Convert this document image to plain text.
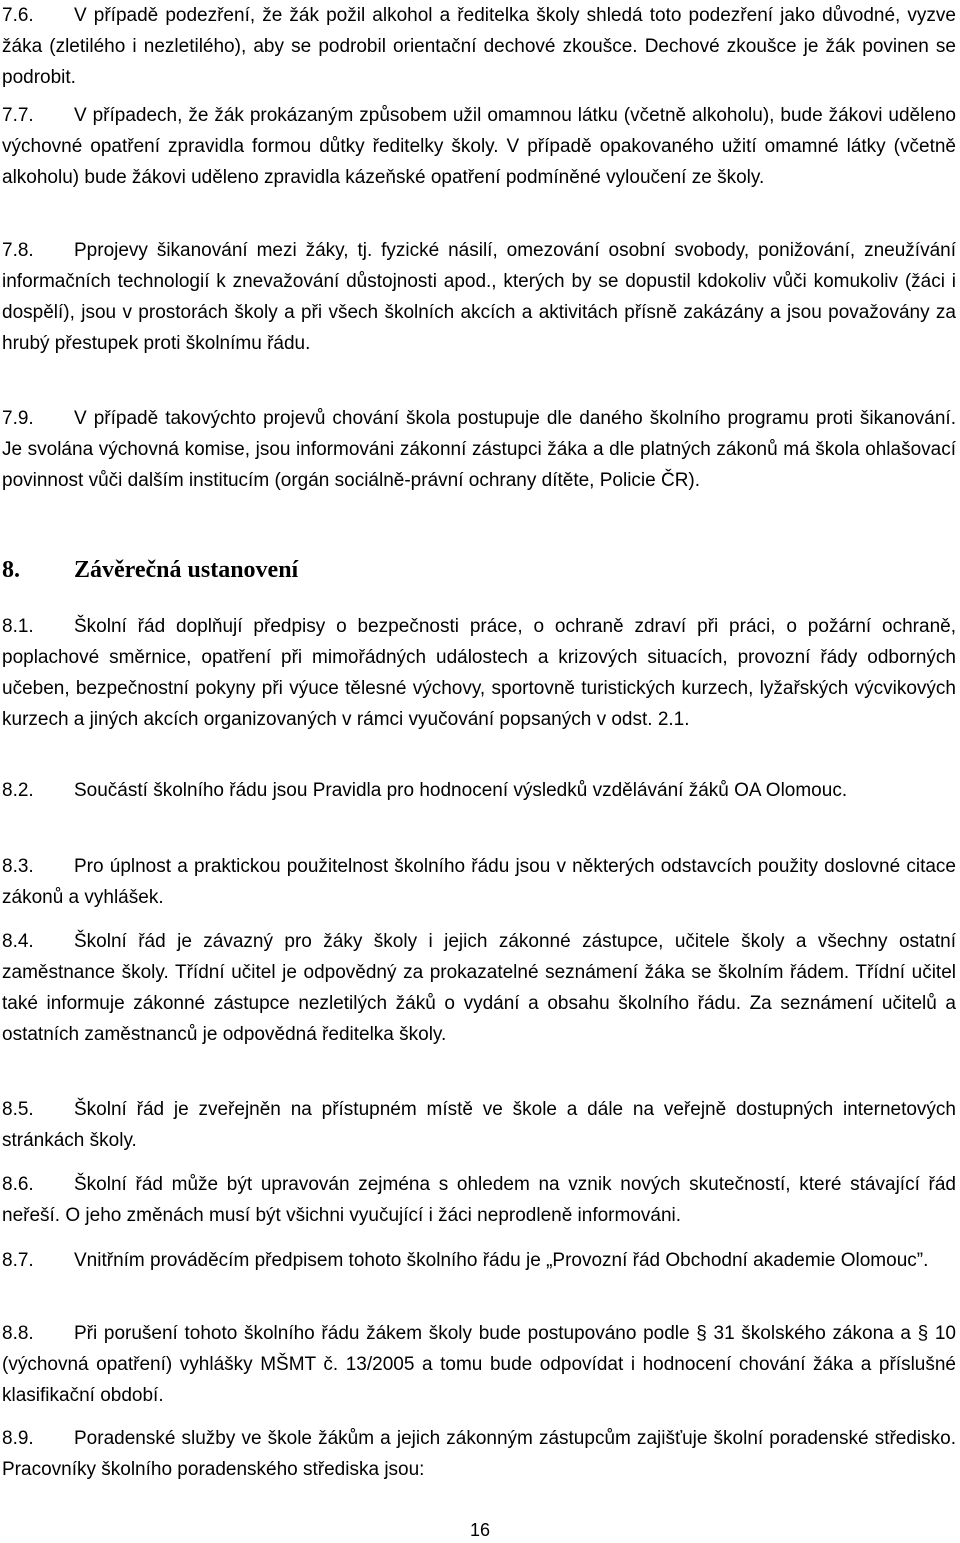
7.6. V případě podezření, že žák požil alkohol a ředitelka školy shledá toto podezření jako důvodné, vyzve žáka (zletilého i nezletilého), aby se podrobil orientační dechové zkoušce. Dechové zkoušce je žák povinen se podrobit.
7.7. V případech, že žák prokázaným způsobem užil omamnou látku (včetně alkoholu), bude žákovi uděleno výchovné opatření zpravidla formou důtky ředitelky školy. V případě opakovaného užití omamné látky (včetně alkoholu) bude žákovi uděleno zpravidla kázeňské opatření podmíněné vyloučení ze školy.
7.8. Pprojevy šikanování mezi žáky, tj. fyzické násilí, omezování osobní svobody, ponižování, zneužívání informačních technologií k znevažování důstojnosti apod., kterých by se dopustil kdokoliv vůči komukoliv (žáci i dospělí), jsou v prostorách školy a při všech školních akcích a aktivitách přísně zakázány a jsou považovány za hrubý přestupek proti školnímu řádu.
7.9. V případě takovýchto projevů chování škola postupuje dle daného školního programu proti šikanování. Je svolána výchovná komise, jsou informováni zákonní zástupci žáka a dle platných zákonů má škola ohlašovací povinnost vůči dalším institucím (orgán sociálně-právní ochrany dítěte, Policie ČR).
8. Závěrečná ustanovení
8.1. Školní řád doplňují předpisy o bezpečnosti práce, o ochraně zdraví při práci, o požární ochraně, poplachové směrnice, opatření při mimořádných událostech a krizových situacích, provozní řády odborných učeben, bezpečnostní pokyny při výuce tělesné výchovy, sportovně turistických kurzech, lyžařských výcvikových kurzech a jiných akcích organizovaných v rámci vyučování popsaných v odst. 2.1.
8.2. Součástí školního řádu jsou Pravidla pro hodnocení výsledků vzdělávání žáků OA Olomouc.
8.3. Pro úplnost a praktickou použitelnost školního řádu jsou v některých odstavcích použity doslovné citace zákonů a vyhlášek.
8.4. Školní řád je závazný pro žáky školy i jejich zákonné zástupce, učitele školy a všechny ostatní zaměstnance školy. Třídní učitel je odpovědný za prokazatelné seznámení žáka se školním řádem. Třídní učitel také informuje zákonné zástupce nezletilých žáků o vydání a obsahu školního řádu. Za seznámení učitelů a ostatních zaměstnanců je odpovědná ředitelka školy.
8.5. Školní řád je zveřejněn na přístupném místě ve škole a dále na veřejně dostupných internetových stránkách školy.
8.6. Školní řád může být upravován zejména s ohledem na vznik nových skutečností, které stávající řád neřeší. O jeho změnách musí být všichni vyučující i žáci neprodleně informováni.
8.7. Vnitřním prováděcím předpisem tohoto školního řádu je „Provozní řád Obchodní akademie Olomouc”.
8.8. Při porušení tohoto školního řádu žákem školy bude postupováno podle § 31 školského zákona a § 10 (výchovná opatření) vyhlášky MŠMT č. 13/2005 a tomu bude odpovídat i hodnocení chování žáka a příslušné klasifikační období.
8.9. Poradenské služby ve škole žákům a jejich zákonným zástupcům zajišťuje školní poradenské středisko. Pracovníky školního poradenského střediska jsou:
16
